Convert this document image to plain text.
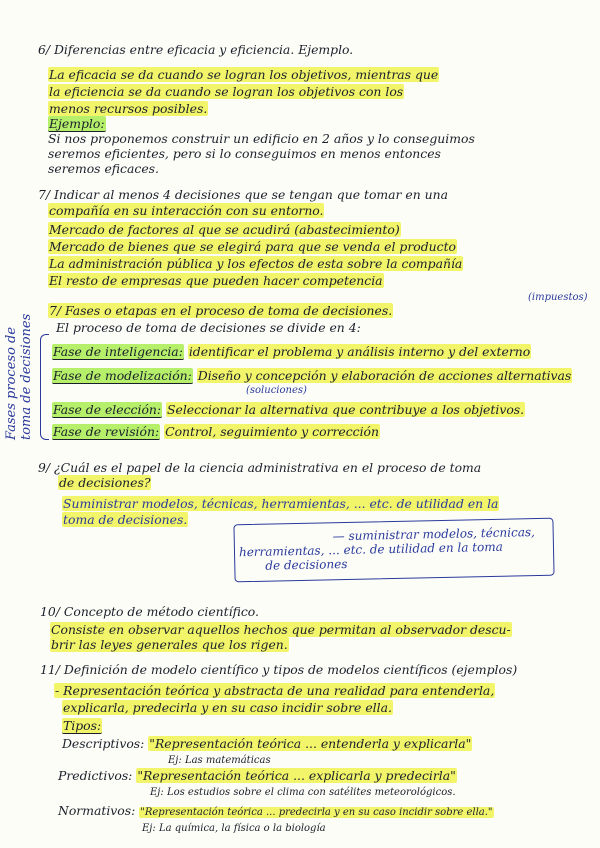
6/ Diferencias entre eficacia y eficiencia. Ejemplo.
La eficacia se da cuando se logran los objetivos, mientras que
la eficiencia se da cuando se logran los objetivos con los
menos recursos posibles.
Ejemplo:
Si nos proponemos construir un edificio en 2 años y lo conseguimos
seremos eficientes, pero si lo conseguimos en menos entonces
seremos eficaces.
7/ Indicar al menos 4 decisiones que se tengan que tomar en una
compañía en su interacción con su entorno.
Mercado de factores al que se acudirá (abastecimiento)
Mercado de bienes que se elegirá para que se venda el producto
La administración pública y los efectos de esta sobre la compañía
El resto de empresas que pueden hacer competencia
(impuestos)
7/ Fases o etapas en el proceso de toma de decisiones.
El proceso de toma de decisiones se divide en 4:
Fases proceso de toma de decisiones Fase de inteligencia: identificar el problema y análisis interno y del externo
Fase de modelización: Diseño y concepción y elaboración de acciones alternativas
(soluciones)
Fase de elección: Seleccionar la alternativa que contribuye a los objetivos.
Fase de revisión: Control, seguimiento y corrección
9/ ¿Cuál es el papel de la ciencia administrativa en el proceso de toma
de decisiones?
Suministrar modelos, técnicas, herramientas, ... etc. de utilidad en la
toma de decisiones.
— suministrar modelos, técnicas,
herramientas, ... etc. de utilidad en la toma
de decisiones
10/ Concepto de método científico.
Consiste en observar aquellos hechos que permitan al observador descu-
brir las leyes generales que los rigen.
11/ Definición de modelo científico y tipos de modelos científicos (ejemplos)
- Representación teórica y abstracta de una realidad para entenderla,
explicarla, predecirla y en su caso incidir sobre ella.
Tipos:
Descriptivos: "Representación teórica ... entenderla y explicarla"
Ej: Las matemáticas
Predictivos: "Representación teórica ... explicarla y predecirla"
Ej: Los estudios sobre el clima con satélites meteorológicos.
Normativos: "Representación teórica ... predecirla y en su caso incidir sobre ella."
Ej: La química, la física o la biología
